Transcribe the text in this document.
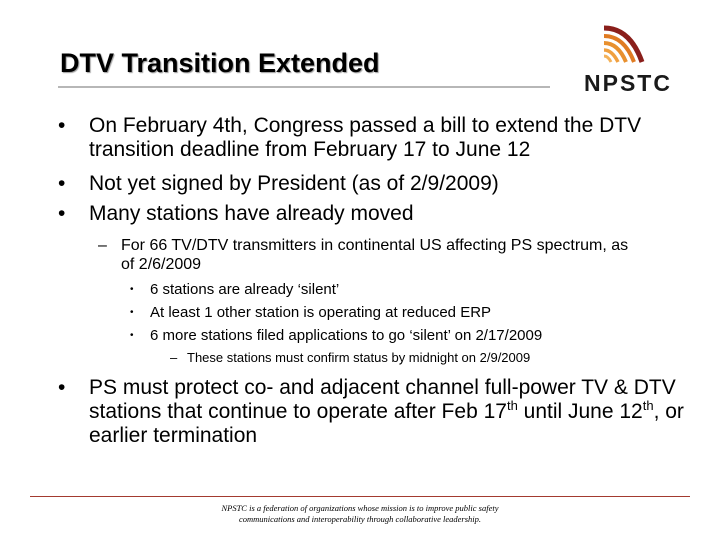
DTV Transition Extended
NPSTC
• On February 4th, Congress passed a bill to extend the DTV transition deadline from February 17 to June 12
• Not yet signed by President (as of 2/9/2009)
• Many stations have already moved
– For 66 TV/DTV transmitters in continental US affecting PS spectrum, as of 2/6/2009
• 6 stations are already ‘silent’
• At least 1 other station is operating at reduced ERP
• 6 more stations filed applications to go ‘silent’ on 2/17/2009
– These stations must confirm status by midnight on 2/9/2009
• PS must protect co- and adjacent channel full-power TV & DTV stations that continue to operate after Feb 17th until June 12th, or earlier termination
NPSTC is a federation of organizations whose mission is to improve public safety
communications and interoperability through collaborative leadership.
